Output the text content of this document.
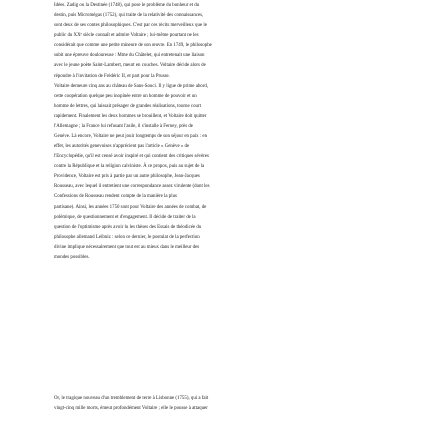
Idées. Zadig ou la Destinée (1748), qui pose le problème du bonheur et du
destin, puis Micromégas (1752), qui traite de la relativité des connaissances,
sont deux de ses contes philosophiques. C'est par ces récits merveilleux que le
public du XXᵉ siècle connaît et admire Voltaire ; lui-même pourtant ne les
considérait que comme une petite mineure de son œuvre. En 1749, le philosophe
subit une épreuve douloureuse : Mme du Châtelet, qui entretenait une liaison
avec le jeune poète Saint-Lambert, meurt en couches. Voltaire décide alors de
répondre à l'invitation de Frédéric II, et part pour la Prusse.
Voltaire demeure cinq ans au château de Sans-Souci. Il y ligue de prime abord,
cette coopération quelque peu inopinée entre un homme de pouvoir et un
homme de lettres, qui laissait présager de grandes réalisations, tourne court
rapidement. Finalement les deux hommes se brouillent, et Voltaire doit quitter
l'Allemagne ; la France lui refusant l'asile, il s'installe à Ferney, près de
Genève. Là encore, Voltaire ne peut jouir longtemps de son séjour en paix : en
effet, les autorités genevoises n'apprécient pas l'article « Genève » de
l'Encyclopédie, qu'il est censé avoir inspiré et qui contient des critiques sévères
contre la République et la religion calviniste. À ce propos, puis au sujet de la
Providence, Voltaire est pris à partie par un autre philosophe, Jean-Jacques
Rousseau, avec lequel il entretient une correspondance assez virulente (dont les
Confessions de Rousseau rendent compte de la manière la plus
partisane). Ainsi, les années 1750 sont pour Voltaire des années de combat, de
polémique, de questionnement et d'engagement. Il décide de traiter de la
question de l'optimisme après avoir lu les thèses des Essais de théodicée du
philosophe allemand Leibniz : selon ce dernier, le postulat de la perfection
divine implique nécessairement que tout est au mieux dans le meilleur des
mondes possibles.
Or, le tragique nouveau d'un tremblement de terre à Lisbonne (1755), qui a fait
vingt-cinq mille morts, émeut profondément Voltaire ; elle le pousse à attaquer
